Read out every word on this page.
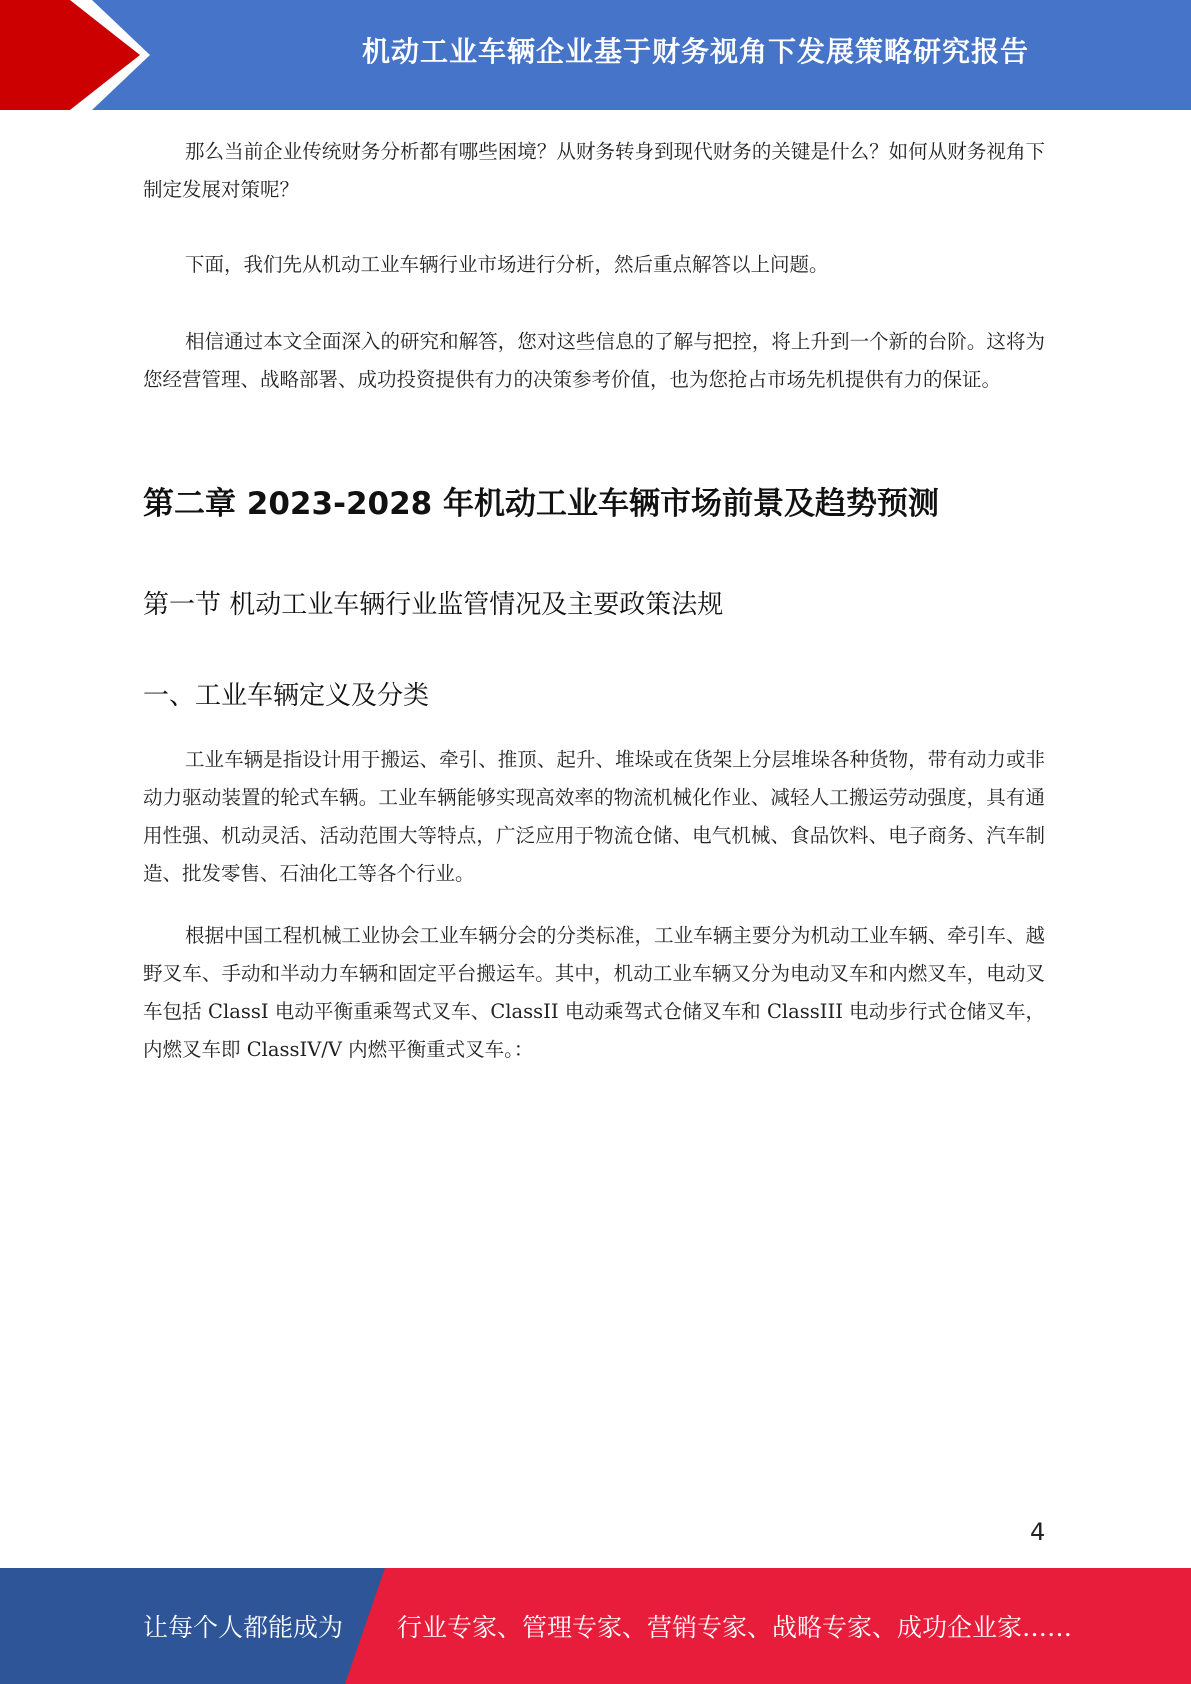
机动工业车辆企业基于财务视角下发展策略研究报告

那么当前企业传统财务分析都有哪些困境？从财务转身到现代财务的关键是什么？如何从财务视角下制定发展对策呢？

下面，我们先从机动工业车辆行业市场进行分析，然后重点解答以上问题。

相信通过本文全面深入的研究和解答，您对这些信息的了解与把控，将上升到一个新的台阶。这将为您经营管理、战略部署、成功投资提供有力的决策参考价值，也为您抢占市场先机提供有力的保证。

第二章 2023-2028 年机动工业车辆市场前景及趋势预测
第一节 机动工业车辆行业监管情况及主要政策法规
一、工业车辆定义及分类

工业车辆是指设计用于搬运、牵引、推顶、起升、堆垛或在货架上分层堆垛各种货物，带有动力或非动力驱动装置的轮式车辆。工业车辆能够实现高效率的物流机械化作业、减轻人工搬运劳动强度，具有通用性强、机动灵活、活动范围大等特点，广泛应用于物流仓储、电气机械、食品饮料、电子商务、汽车制造、批发零售、石油化工等各个行业。

根据中国工程机械工业协会工业车辆分会的分类标准，工业车辆主要分为机动工业车辆、牵引车、越野叉车、手动和半动力车辆和固定平台搬运车。其中，机动工业车辆又分为电动叉车和内燃叉车，电动叉车包括 ClassI 电动平衡重乘驾式叉车、ClassII 电动乘驾式仓储叉车和 ClassIII 电动步行式仓储叉车，内燃叉车即 ClassIV/V 内燃平衡重式叉车。：

4
让每个人都能成为 行业专家、管理专家、营销专家、战略专家、成功企业家……
